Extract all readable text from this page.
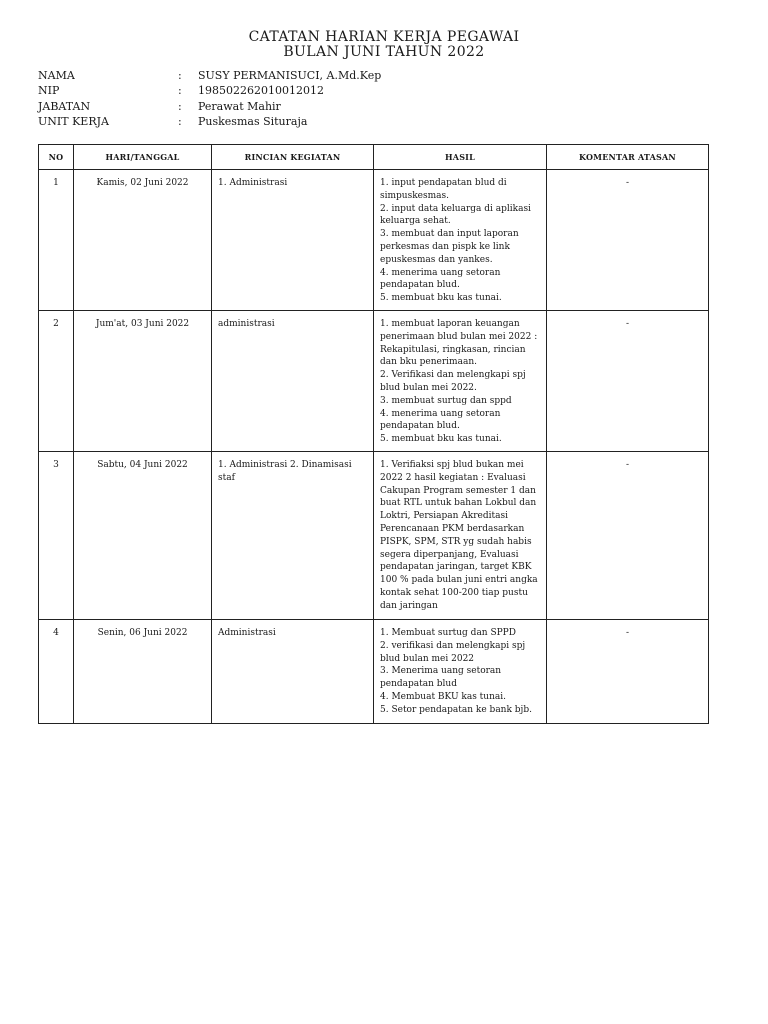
CATATAN HARIAN KERJA PEGAWAI
BULAN JUNI TAHUN 2022
NAMA	:	SUSY PERMANISUCI, A.Md.Kep
NIP	:	198502262010012012
JABATAN	:	Perawat Mahir
UNIT KERJA	:	Puskesmas Situraja
NO	HARI/TANGGAL	RINCIAN KEGIATAN	HASIL	KOMENTAR ATASAN
1	Kamis, 02 Juni 2022	1. Administrasi	1. input pendapatan blud di simpuskesmas.
2. input data keluarga di aplikasi keluarga sehat.
3. membuat dan input laporan perkesmas dan pispk ke link epuskesmas dan yankes.
4. menerima uang setoran pendapatan blud.
5. membuat bku kas tunai.	-
2	Jum'at, 03 Juni 2022	administrasi	1. membuat laporan keuangan penerimaan blud bulan mei 2022 : Rekapitulasi, ringkasan, rincian dan bku penerimaan.
2. Verifikasi dan melengkapi spj blud bulan mei 2022.
3. membuat surtug dan sppd
4. menerima uang setoran pendapatan blud.
5. membuat bku kas tunai.	-
3	Sabtu, 04 Juni 2022	1. Administrasi 2. Dinamisasi staf	1. Verifiaksi spj blud bukan mei 2022 2 hasil kegiatan : Evaluasi Cakupan Program semester 1 dan buat RTL untuk bahan Lokbul dan Loktri, Persiapan Akreditasi Perencanaan PKM berdasarkan PISPK, SPM, STR yg sudah habis segera diperpanjang, Evaluasi pendapatan jaringan, target KBK 100 % pada bulan juni entri angka kontak sehat 100-200 tiap pustu dan jaringan	-
4	Senin, 06 Juni 2022	Administrasi	1. Membuat surtug dan SPPD
2. verifikasi dan melengkapi spj blud bulan mei 2022
3. Menerima uang setoran pendapatan blud
4. Membuat BKU kas tunai.
5. Setor pendapatan ke bank bjb.	-
